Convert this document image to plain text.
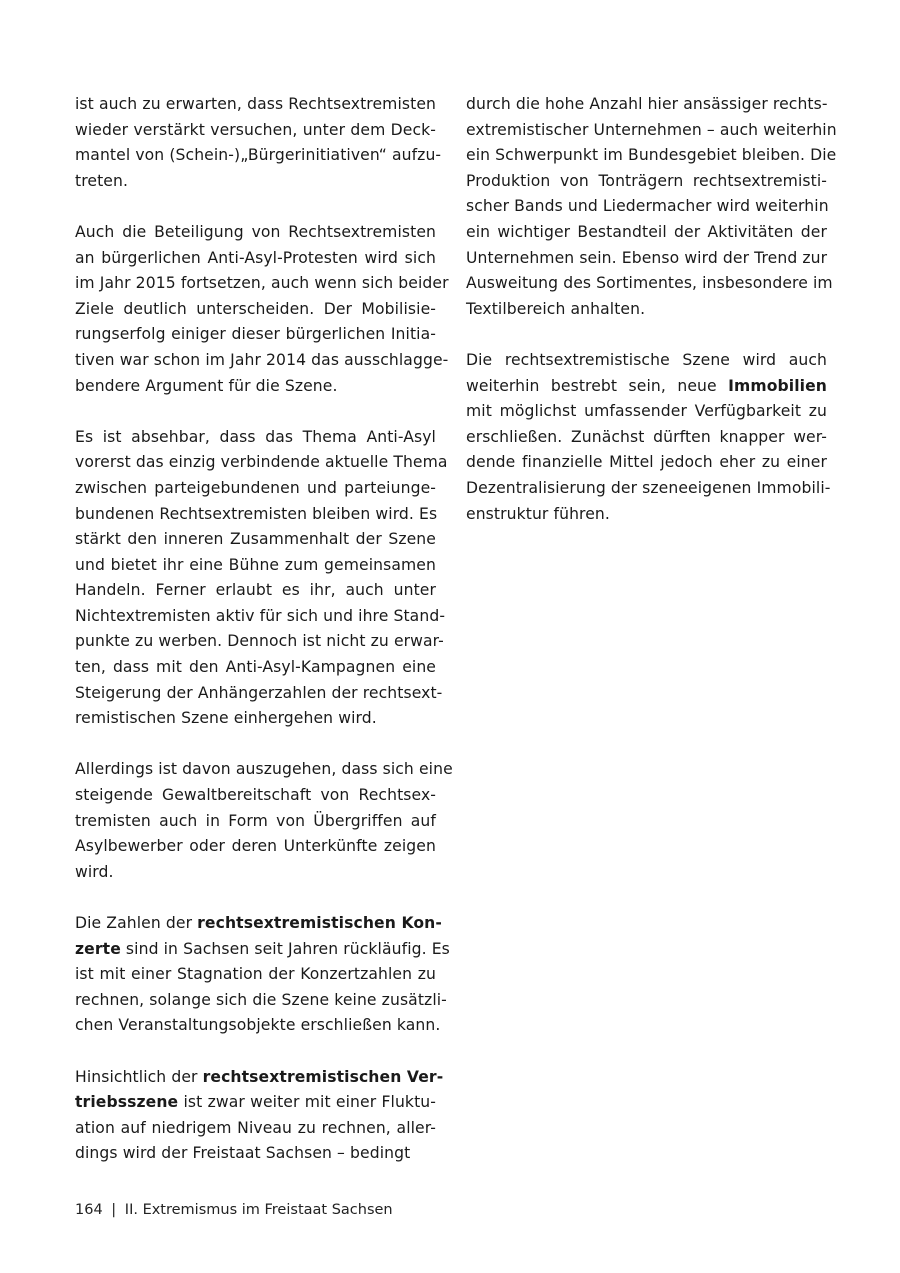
ist auch zu erwarten, dass Rechtsextremisten
wieder verstärkt versuchen, unter dem Deck-
mantel von (Schein-)„Bürgerinitiativen“ aufzu-
treten.
Auch die Beteiligung von Rechtsextremisten
an bürgerlichen Anti-Asyl-Protesten wird sich
im Jahr 2015 fortsetzen, auch wenn sich beider
Ziele deutlich unterscheiden. Der Mobilisie-
rungserfolg einiger dieser bürgerlichen Initia-
tiven war schon im Jahr 2014 das ausschlagge-
bendere Argument für die Szene.
Es ist absehbar, dass das Thema Anti-Asyl
vorerst das einzig verbindende aktuelle Thema
zwischen parteigebundenen und parteiunge-
bundenen Rechtsextremisten bleiben wird. Es
stärkt den inneren Zusammenhalt der Szene
und bietet ihr eine Bühne zum gemeinsamen
Handeln. Ferner erlaubt es ihr, auch unter
Nichtextremisten aktiv für sich und ihre Stand-
punkte zu werben. Dennoch ist nicht zu erwar-
ten, dass mit den Anti-Asyl-Kampagnen eine
Steigerung der Anhängerzahlen der rechtsext-
remistischen Szene einhergehen wird.
Allerdings ist davon auszugehen, dass sich eine
steigende Gewaltbereitschaft von Rechtsex-
tremisten auch in Form von Übergriffen auf
Asylbewerber oder deren Unterkünfte zeigen
wird.
Die Zahlen der rechtsextremistischen Kon-
zerte sind in Sachsen seit Jahren rückläufig. Es
ist mit einer Stagnation der Konzertzahlen zu
rechnen, solange sich die Szene keine zusätzli-
chen Veranstaltungsobjekte erschließen kann.
Hinsichtlich der rechtsextremistischen Ver-
triebsszene ist zwar weiter mit einer Fluktu-
ation auf niedrigem Niveau zu rechnen, aller-
dings wird der Freistaat Sachsen – bedingt
durch die hohe Anzahl hier ansässiger rechts-
extremistischer Unternehmen – auch weiterhin
ein Schwerpunkt im Bundesgebiet bleiben. Die
Produktion von Tonträgern rechtsextremisti-
scher Bands und Liedermacher wird weiterhin
ein wichtiger Bestandteil der Aktivitäten der
Unternehmen sein. Ebenso wird der Trend zur
Ausweitung des Sortimentes, insbesondere im
Textilbereich anhalten.
Die rechtsextremistische Szene wird auch
weiterhin bestrebt sein, neue Immobilien
mit möglichst umfassender Verfügbarkeit zu
erschließen. Zunächst dürften knapper wer-
dende finanzielle Mittel jedoch eher zu einer
Dezentralisierung der szeneeigenen Immobili-
enstruktur führen.
164 | II. Extremismus im Freistaat Sachsen
